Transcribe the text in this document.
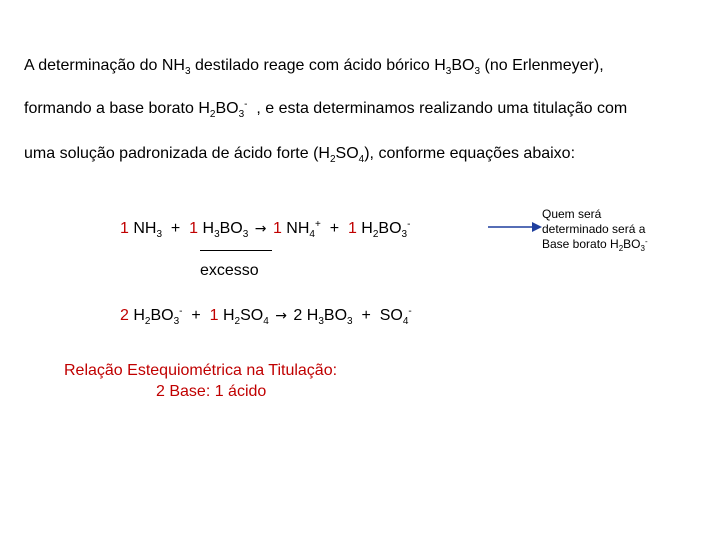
A determinação do $NH_3$ destilado reage com ácido bórico $H_3BO_3$ (no Erlenmeyer),
formando a base borato $H_2BO_3^-$  , e esta determinamos realizando uma titulação com
uma solução padronizada de ácido forte $(H_2SO_4)$, conforme equações abaixo:
1 $NH_3 + 1$ $H_3BO_3 \to 1$ $NH_4^+ + 1$ $H_2BO_3^-$
excesso
2 $H_2BO_3^- + 1$ $H_2SO_4 \to 2$ $H_3BO_3 + SO_4^-$
Quem será
determinado será a
Base borato $H_2BO_3^-$
Relação Estequiométrica na Titulação:
2 Base: 1 ácido
